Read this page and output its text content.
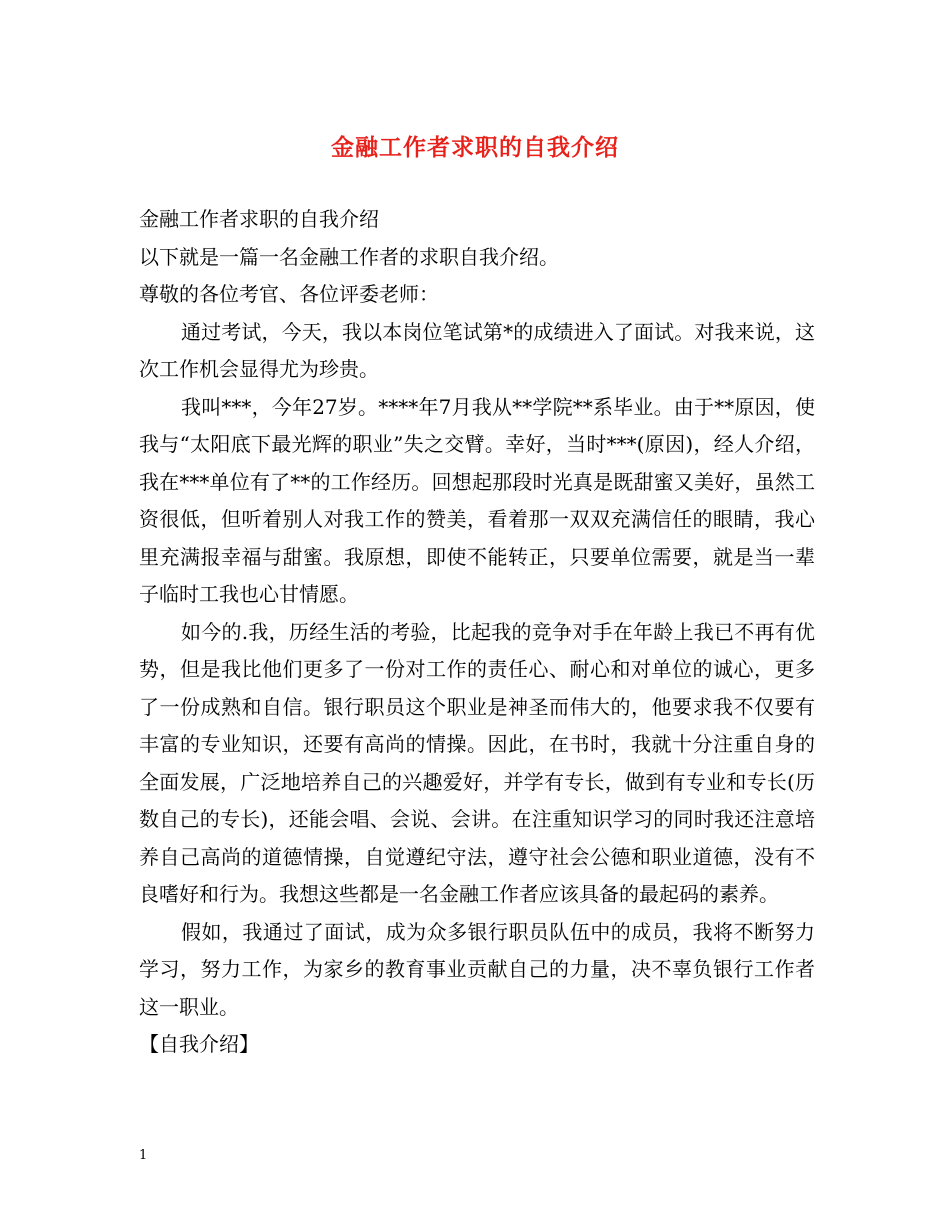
金融工作者求职的自我介绍

金融工作者求职的自我介绍

以下就是一篇一名金融工作者的求职自我介绍。

尊敬的各位考官、各位评委老师：

通过考试，今天，我以本岗位笔试第*的成绩进入了面试。对我来说，这次工作机会显得尤为珍贵。

我叫***，今年27岁。****年7月我从**学院**系毕业。由于**原因，使我与“太阳底下最光辉的职业”失之交臂。幸好，当时***(原因)，经人介绍，我在***单位有了**的工作经历。回想起那段时光真是既甜蜜又美好，虽然工资很低，但听着别人对我工作的赞美，看着那一双双充满信任的眼睛，我心里充满报幸福与甜蜜。我原想，即使不能转正，只要单位需要，就是当一辈子临时工我也心甘情愿。

如今的.我，历经生活的考验，比起我的竞争对手在年龄上我已不再有优势，但是我比他们更多了一份对工作的责任心、耐心和对单位的诚心，更多了一份成熟和自信。银行职员这个职业是神圣而伟大的，他要求我不仅要有丰富的专业知识，还要有高尚的情操。因此，在书时，我就十分注重自身的全面发展，广泛地培养自己的兴趣爱好，并学有专长，做到有专业和专长(历数自己的专长)，还能会唱、会说、会讲。在注重知识学习的同时我还注意培养自己高尚的道德情操，自觉遵纪守法，遵守社会公德和职业道德，没有不良嗜好和行为。我想这些都是一名金融工作者应该具备的最起码的素养。

假如，我通过了面试，成为众多银行职员队伍中的成员，我将不断努力学习，努力工作，为家乡的教育事业贡献自己的力量，决不辜负银行工作者这一职业。

【自我介绍】

1
